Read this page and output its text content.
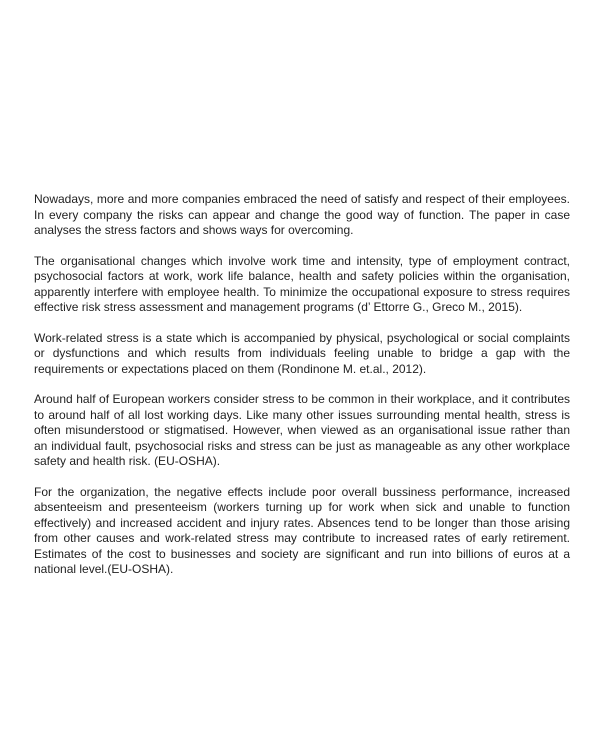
Nowadays, more and more companies embraced the need of satisfy and respect of their employees. In every company the risks can appear and change the good way of function. The paper in case analyses the stress factors and shows ways for overcoming.

The organisational changes which involve work time and intensity, type of employment contract, psychosocial factors at work, work life balance, health and safety policies within the organisation, apparently interfere with employee health. To minimize the occupational exposure to stress requires effective risk stress assessment and management programs (d’ Ettorre G., Greco M., 2015).

Work-related stress is a state which is accompanied by physical, psychological or social complaints or dysfunctions and which results from individuals feeling unable to bridge a gap with the requirements or expectations placed on them (Rondinone M. et.al., 2012).

Around half of European workers consider stress to be common in their workplace, and it contributes to around half of all lost working days. Like many other issues surrounding mental health, stress is often misunderstood or stigmatised. However, when viewed as an organisational issue rather than an individual fault, psychosocial risks and stress can be just as manageable as any other workplace safety and health risk. (EU-OSHA).

For the organization, the negative effects include poor overall bussiness performance, increased absenteeism and presenteeism (workers turning up for work when sick and unable to function effectively) and increased accident and injury rates. Absences tend to be longer than those arising from other causes and work-related stress may contribute to increased rates of early retirement. Estimates of the cost to businesses and society are significant and run into billions of euros at a national level.(EU-OSHA).
